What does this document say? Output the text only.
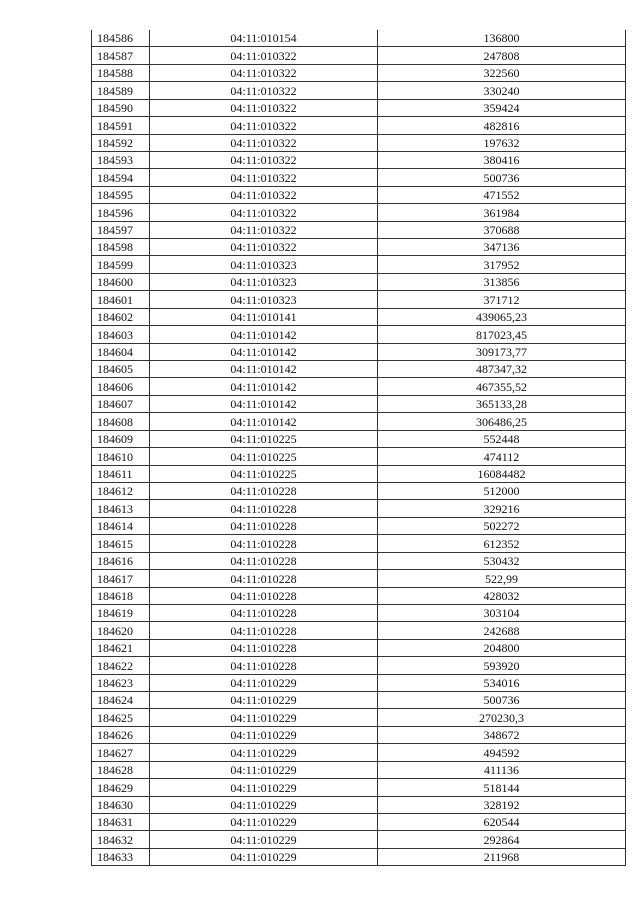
184586	04:11:010154	136800
184587	04:11:010322	247808
184588	04:11:010322	322560
184589	04:11:010322	330240
184590	04:11:010322	359424
184591	04:11:010322	482816
184592	04:11:010322	197632
184593	04:11:010322	380416
184594	04:11:010322	500736
184595	04:11:010322	471552
184596	04:11:010322	361984
184597	04:11:010322	370688
184598	04:11:010322	347136
184599	04:11:010323	317952
184600	04:11:010323	313856
184601	04:11:010323	371712
184602	04:11:010141	439065,23
184603	04:11:010142	817023,45
184604	04:11:010142	309173,77
184605	04:11:010142	487347,32
184606	04:11:010142	467355,52
184607	04:11:010142	365133,28
184608	04:11:010142	306486,25
184609	04:11:010225	552448
184610	04:11:010225	474112
184611	04:11:010225	16084482
184612	04:11:010228	512000
184613	04:11:010228	329216
184614	04:11:010228	502272
184615	04:11:010228	612352
184616	04:11:010228	530432
184617	04:11:010228	522,99
184618	04:11:010228	428032
184619	04:11:010228	303104
184620	04:11:010228	242688
184621	04:11:010228	204800
184622	04:11:010228	593920
184623	04:11:010229	534016
184624	04:11:010229	500736
184625	04:11:010229	270230,3
184626	04:11:010229	348672
184627	04:11:010229	494592
184628	04:11:010229	411136
184629	04:11:010229	518144
184630	04:11:010229	328192
184631	04:11:010229	620544
184632	04:11:010229	292864
184633	04:11:010229	211968
